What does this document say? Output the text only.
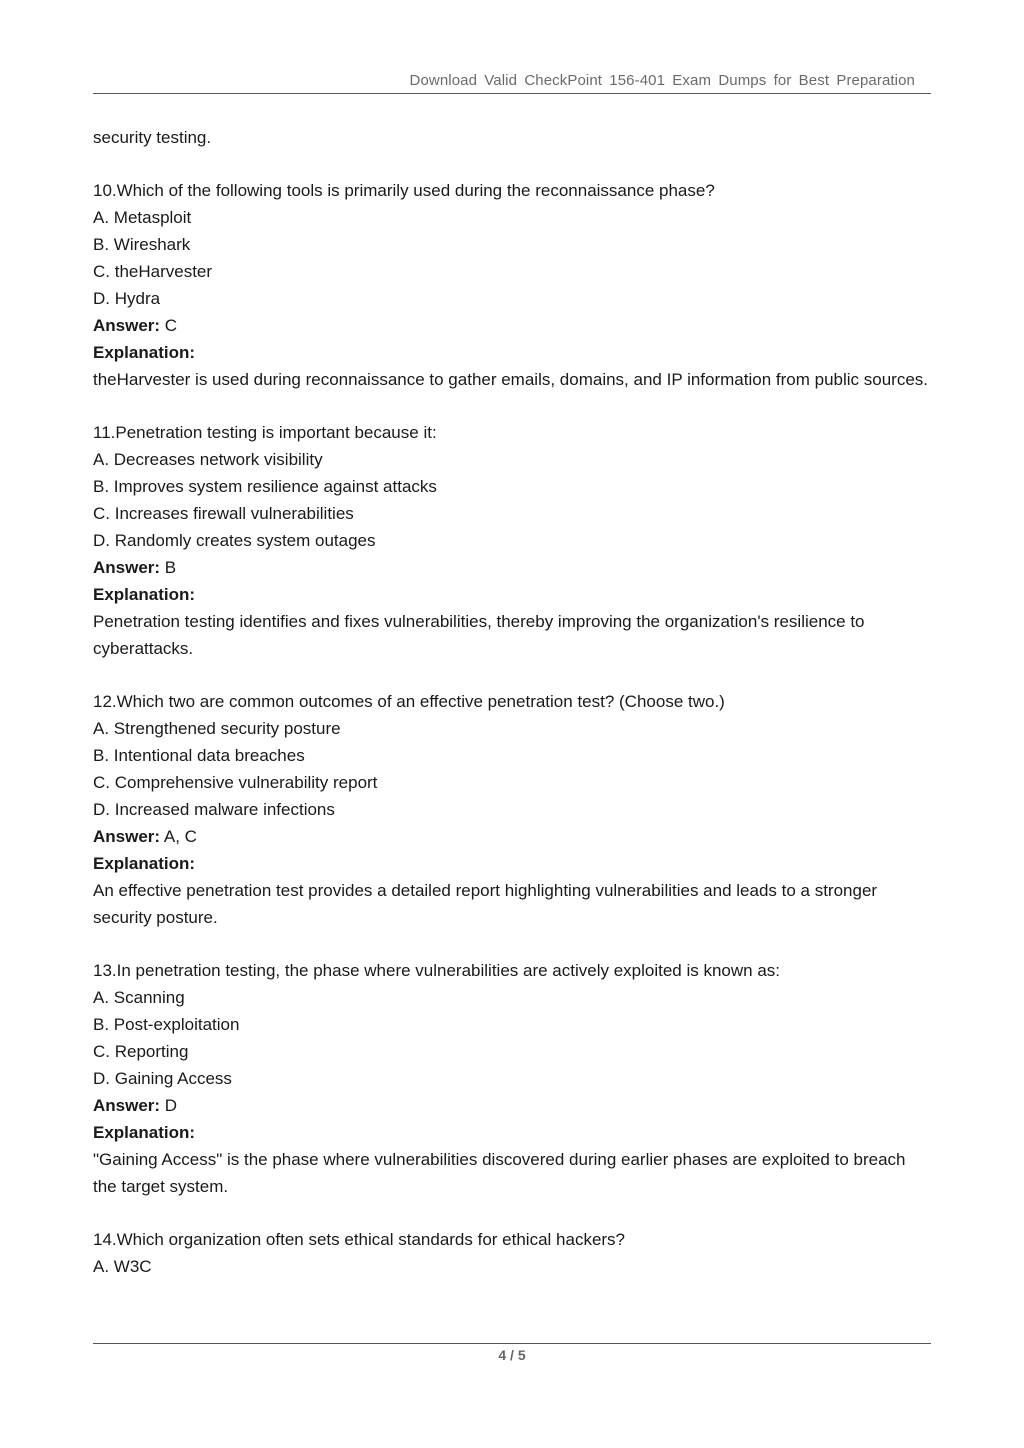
Download Valid CheckPoint 156-401 Exam Dumps for Best Preparation

security testing.

10.Which of the following tools is primarily used during the reconnaissance phase?

A. Metasploit

B. Wireshark

C. theHarvester

D. Hydra

Answer: C

Explanation:

theHarvester is used during reconnaissance to gather emails, domains, and IP information from public sources.

11.Penetration testing is important because it:

A. Decreases network visibility

B. Improves system resilience against attacks

C. Increases firewall vulnerabilities

D. Randomly creates system outages

Answer: B

Explanation:

Penetration testing identifies and fixes vulnerabilities, thereby improving the organization's resilience to cyberattacks.

12.Which two are common outcomes of an effective penetration test? (Choose two.)

A. Strengthened security posture

B. Intentional data breaches

C. Comprehensive vulnerability report

D. Increased malware infections

Answer: A, C

Explanation:

An effective penetration test provides a detailed report highlighting vulnerabilities and leads to a stronger security posture.

13.In penetration testing, the phase where vulnerabilities are actively exploited is known as:

A. Scanning

B. Post-exploitation

C. Reporting

D. Gaining Access

Answer: D

Explanation:

"Gaining Access" is the phase where vulnerabilities discovered during earlier phases are exploited to breach the target system.

14.Which organization often sets ethical standards for ethical hackers?

A. W3C

4 / 5
